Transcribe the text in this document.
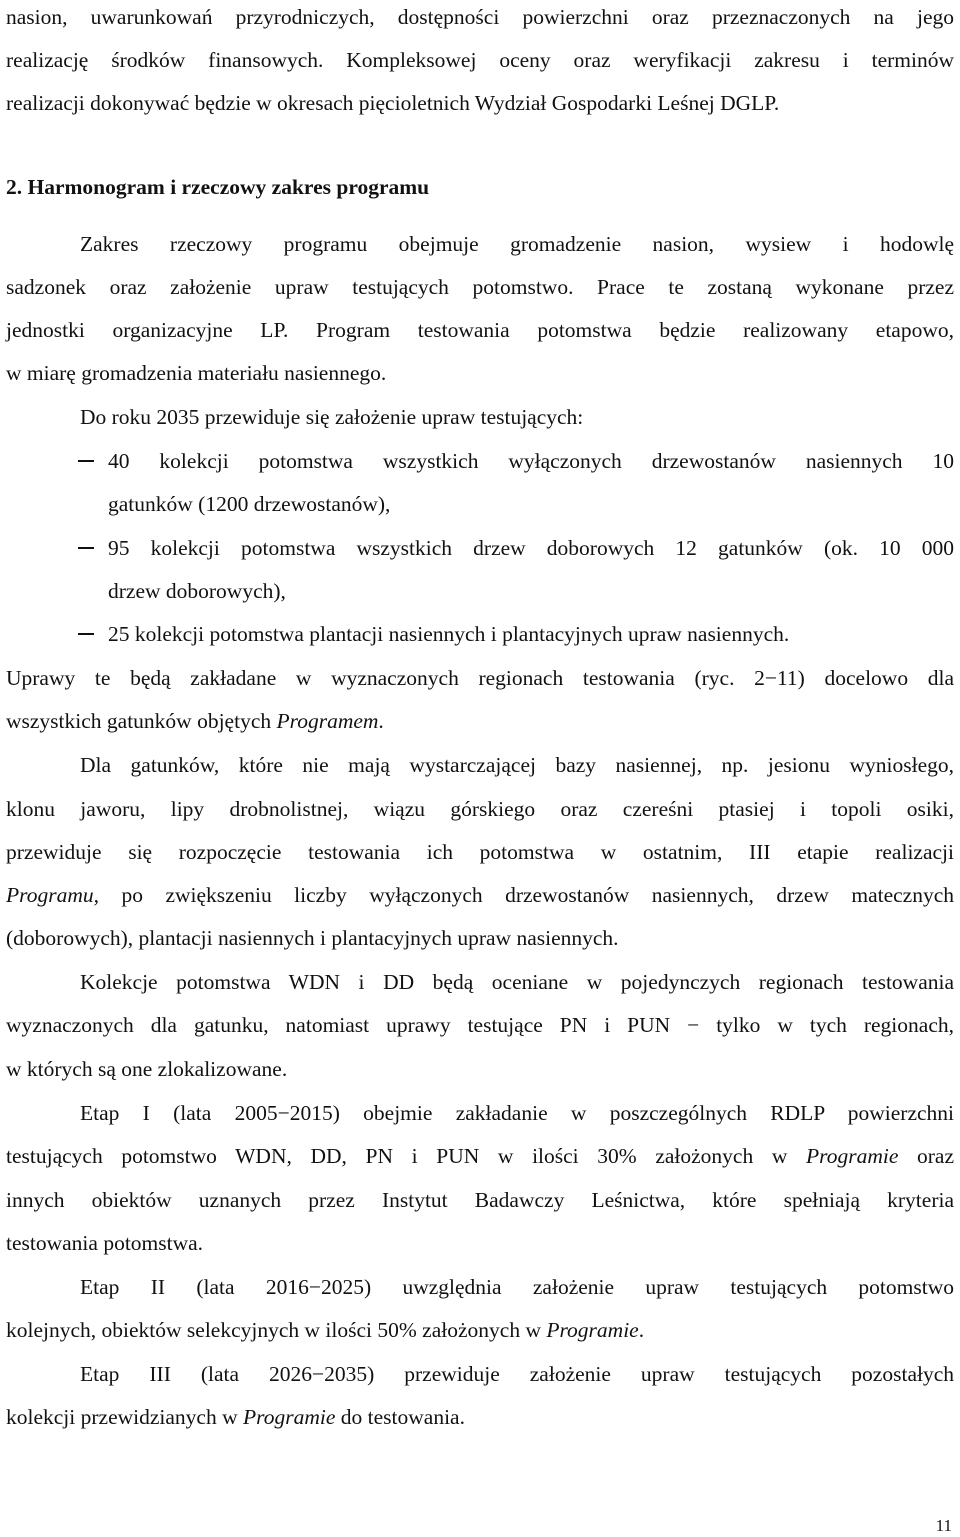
nasion, uwarunkowań przyrodniczych, dostępności powierzchni oraz przeznaczonych na jego
realizację środków finansowych. Kompleksowej oceny oraz weryfikacji zakresu i terminów
realizacji dokonywać będzie w okresach pięcioletnich Wydział Gospodarki Leśnej DGLP.
2. Harmonogram i rzeczowy zakres programu
Zakres rzeczowy programu obejmuje gromadzenie nasion, wysiew i hodowlę
sadzonek oraz założenie upraw testujących potomstwo. Prace te zostaną wykonane przez
jednostki organizacyjne LP. Program testowania potomstwa będzie realizowany etapowo,
w miarę gromadzenia materiału nasiennego.
Do roku 2035 przewiduje się założenie upraw testujących:
40 kolekcji potomstwa wszystkich wyłączonych drzewostanów nasiennych 10
gatunków (1200 drzewostanów),
95 kolekcji potomstwa wszystkich drzew doborowych 12 gatunków (ok. 10 000
drzew doborowych),
25 kolekcji potomstwa plantacji nasiennych i plantacyjnych upraw nasiennych.
Uprawy te będą zakładane w wyznaczonych regionach testowania (ryc. 2−11) docelowo dla
wszystkich gatunków objętych Programem.
Dla gatunków, które nie mają wystarczającej bazy nasiennej, np. jesionu wyniosłego,
klonu jaworu, lipy drobnolistnej, wiązu górskiego oraz czereśni ptasiej i topoli osiki,
przewiduje się rozpoczęcie testowania ich potomstwa w ostatnim, III etapie realizacji
Programu, po zwiększeniu liczby wyłączonych drzewostanów nasiennych, drzew matecznych
(doborowych), plantacji nasiennych i plantacyjnych upraw nasiennych.
Kolekcje potomstwa WDN i DD będą oceniane w pojedynczych regionach testowania
wyznaczonych dla gatunku, natomiast uprawy testujące PN i PUN − tylko w tych regionach,
w których są one zlokalizowane.
Etap I (lata 2005−2015) obejmie zakładanie w poszczególnych RDLP powierzchni
testujących potomstwo WDN, DD, PN i PUN w ilości 30% założonych w Programie oraz
innych obiektów uznanych przez Instytut Badawczy Leśnictwa, które spełniają kryteria
testowania potomstwa.
Etap II (lata 2016−2025) uwzględnia założenie upraw testujących potomstwo
kolejnych, obiektów selekcyjnych w ilości 50% założonych w Programie.
Etap III (lata 2026−2035) przewiduje założenie upraw testujących pozostałych
kolekcji przewidzianych w Programie do testowania.
11
